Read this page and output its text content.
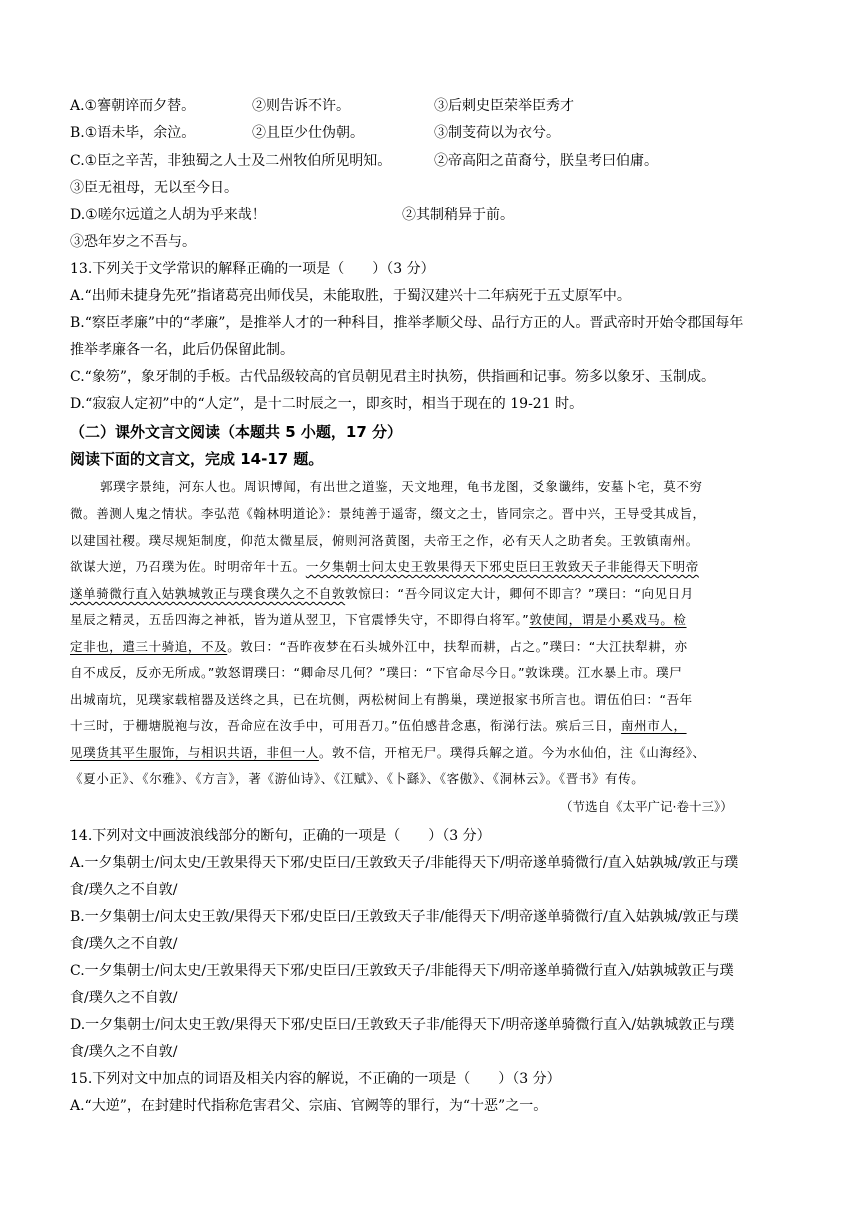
A.①謇朝谇而夕替。	②则告诉不许。	③后刺史臣荣举臣秀才
B.①语未毕，余泣。	②且臣少仕伪朝。	③制芰荷以为衣兮。
C.①臣之辛苦，非独蜀之人士及二州牧伯所见明知。	②帝高阳之苗裔兮，朕皇考曰伯庸。
③臣无祖母，无以至今日。
D.①嗟尔远道之人胡为乎来哉！	②其制稍异于前。
③恐年岁之不吾与。
13.下列关于文学常识的解释正确的一项是（　　）（3 分）
A.“出师未捷身先死”指诸葛亮出师伐吴，未能取胜，于蜀汉建兴十二年病死于五丈原军中。
B.“察臣孝廉”中的“孝廉”，是推举人才的一种科目，推举孝顺父母、品行方正的人。晋武帝时开始令郡国每年
推举孝廉各一名，此后仍保留此制。
C.“象笏”，象牙制的手板。古代品级较高的官员朝见君主时执笏，供指画和记事。笏多以象牙、玉制成。
D.“寂寂人定初”中的“人定”，是十二时辰之一，即亥时，相当于现在的 19-21 时。
（二）课外文言文阅读（本题共 5 小题，17 分）
阅读下面的文言文，完成 14-17 题。
郭璞字景纯，河东人也。周识博闻，有出世之道鉴，天文地理，龟书龙图，爻象谶纬，安墓卜宅，莫不穷
微。善测人鬼之情状。李弘范《翰林明道论》：景纯善于遥寄，缀文之士，皆同宗之。晋中兴，王导受其成旨，
以建国社稷。璞尽规矩制度，仰范太微星辰，俯则河洛黄图，夫帝王之作，必有天人之助者矣。王敦镇南州。
欲谋大逆，乃召璞为佐。时明帝年十五。一夕集朝士问太史王敦果得天下邪史臣曰王敦致天子非能得天下明帝
遂单骑微行直入姑孰城敦正与璞食璞久之不自敦敦惊曰：“吾今同议定大计，卿何不即言？”璞曰：“向见日月
星辰之精灵，五岳四海之神祇，皆为道从翌卫，下官震悸失守，不即得白将军。”敦使闻，谓是小奚戏马。检
定非也，遣三十骑追，不及。敦曰：“吾昨夜梦在石头城外江中，扶犁而耕，占之。”璞曰：“大江扶犁耕，亦
自不成反，反亦无所成。”敦怒谓璞曰：“卿命尽几何？”璞曰：“下官命尽今日。”敦诛璞。江水暴上市。璞尸
出城南坑，见璞家载棺器及送终之具，已在坑侧，两松树间上有鹊巢，璞逆报家书所言也。谓伍伯曰：“吾年
十三时，于栅塘脱袍与汝，吾命应在汝手中，可用吾刀。”伍伯感昔念惠，衔涕行法。殡后三日，南州市人，
见璞货其平生服饰，与相识共语，非但一人。敦不信，开棺无尸。璞得兵解之道。今为水仙伯，注《山海经》、
《夏小正》、《尔雅》、《方言》，著《游仙诗》、《江赋》、《卜繇》、《客傲》、《洞林云》。《晋书》有传。
（节选自《太平广记·卷十三》）
14.下列对文中画波浪线部分的断句，正确的一项是（　　）（3 分）
A.一夕集朝士/问太史/王敦果得天下邪/史臣曰/王敦致天子/非能得天下/明帝遂单骑微行/直入姑孰城/敦正与璞
食/璞久之不自敦/
B.一夕集朝士/问太史王敦/果得天下邪/史臣曰/王敦致天子非/能得天下/明帝遂单骑微行/直入姑孰城/敦正与璞
食/璞久之不自敦/
C.一夕集朝士/问太史/王敦果得天下邪/史臣曰/王敦致天子/非能得天下/明帝遂单骑微行直入/姑孰城敦正与璞
食/璞久之不自敦/
D.一夕集朝士/问太史王敦/果得天下邪/史臣曰/王敦致天子非/能得天下/明帝遂单骑微行直入/姑孰城敦正与璞
食/璞久之不自敦/
15.下列对文中加点的词语及相关内容的解说，不正确的一项是（　　）（3 分）
A.“大逆”，在封建时代指称危害君父、宗庙、官阙等的罪行，为“十恶”之一。
